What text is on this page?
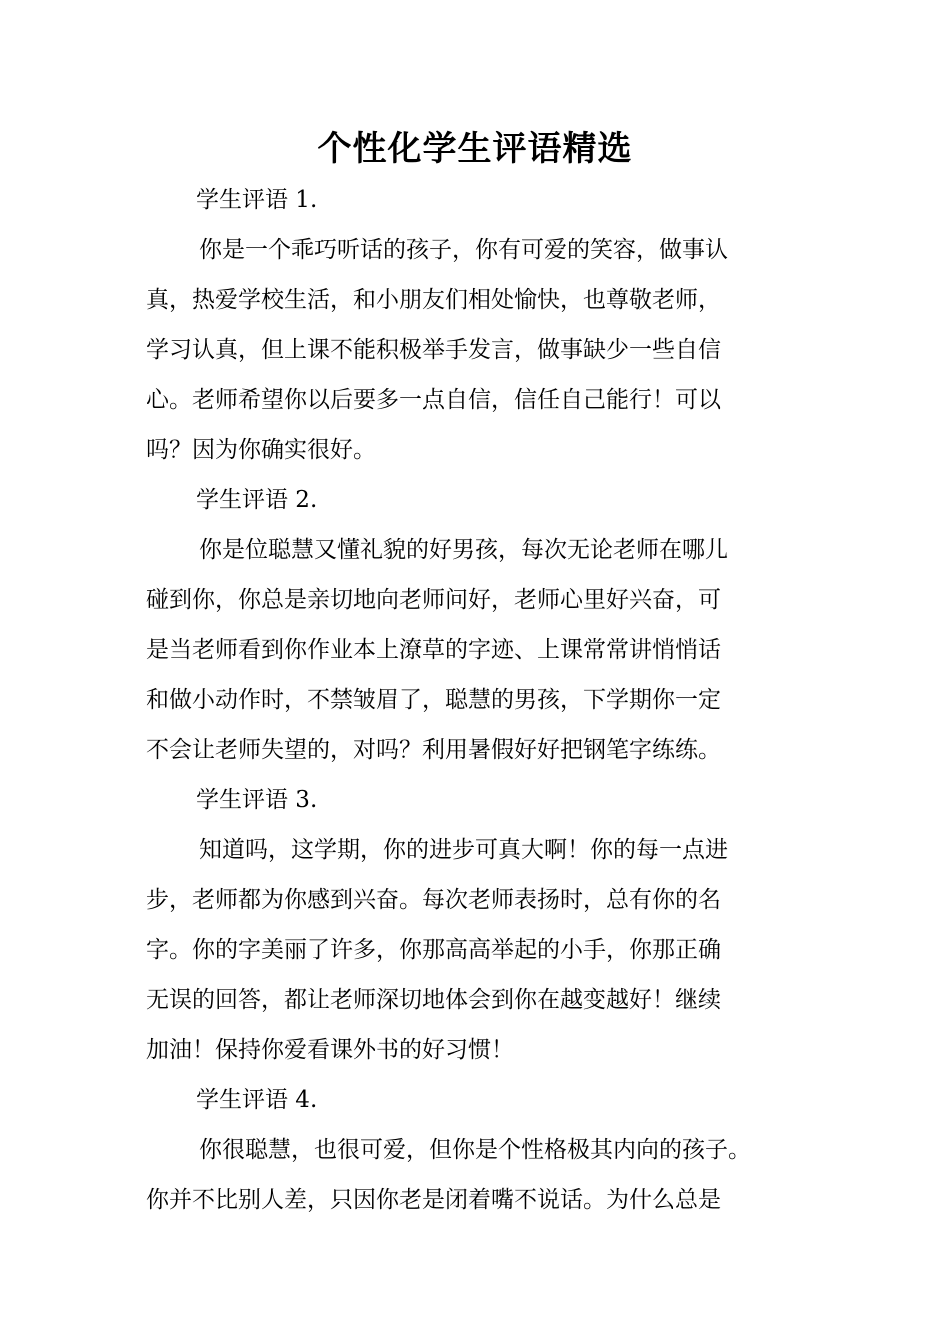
个性化学生评语精选

学生评语 1.

你是一个乖巧听话的孩子，你有可爱的笑容，做事认

真，热爱学校生活，和小朋友们相处愉快，也尊敬老师，

学习认真，但上课不能积极举手发言，做事缺少一些自信

心。老师希望你以后要多一点自信，信任自己能行！可以

吗？因为你确实很好。

学生评语 2.

你是位聪慧又懂礼貌的好男孩，每次无论老师在哪儿

碰到你，你总是亲切地向老师问好，老师心里好兴奋，可

是当老师看到你作业本上潦草的字迹、上课常常讲悄悄话

和做小动作时，不禁皱眉了，聪慧的男孩，下学期你一定

不会让老师失望的，对吗？利用暑假好好把钢笔字练练。

学生评语 3.

知道吗，这学期，你的进步可真大啊！你的每一点进

步，老师都为你感到兴奋。每次老师表扬时，总有你的名

字。你的字美丽了许多，你那高高举起的小手，你那正确

无误的回答，都让老师深切地体会到你在越变越好！继续

加油！保持你爱看课外书的好习惯！

学生评语 4.

你很聪慧，也很可爱，但你是个性格极其内向的孩子。

你并不比别人差，只因你老是闭着嘴不说话。为什么总是
